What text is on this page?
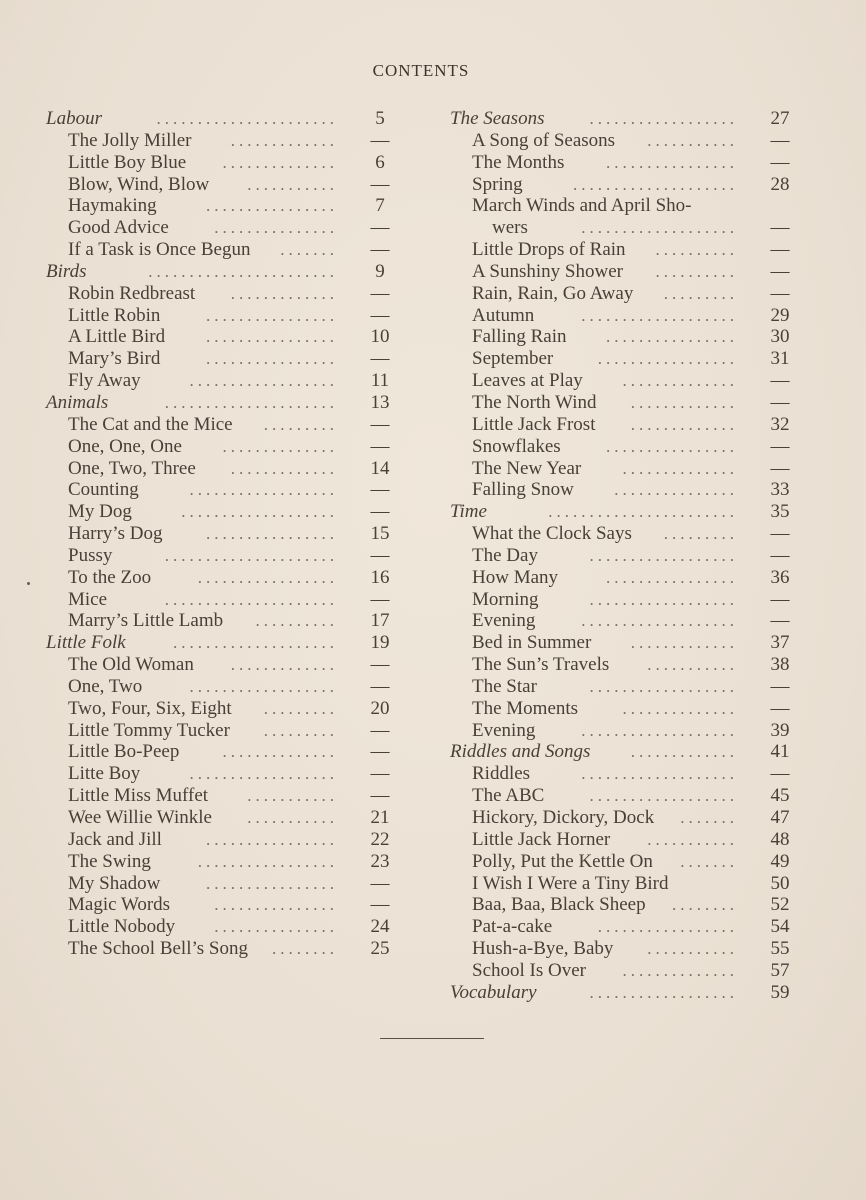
CONTENTS
Labour	5
......................
The Jolly Miller	—
.............
Little Boy Blue	6
..............
Blow, Wind, Blow	—
...........
Haymaking	7
................
Good Advice	—
...............
If a Task is Once Begun	—
.......
Birds	9
.......................
Robin Redbreast	—
.............
Little Robin	—
................
A Little Bird	10
................
Mary’s Bird	—
................
Fly Away	11
..................
Animals	13
.....................
The Cat and the Mice	—
.........
One, One, One	—
..............
One, Two, Three	14
.............
Counting	—
..................
My Dog	—
...................
Harry’s Dog	15
................
Pussy	—
.....................
To the Zoo	16
.................
Mice	—
.....................
Marry’s Little Lamb	17
..........
Little Folk	19
....................
The Old Woman	—
.............
One, Two	—
..................
Two, Four, Six, Eight	20
.........
Little Tommy Tucker	—
.........
Little Bo-Peep	—
..............
Litte Boy	—
..................
Little Miss Muffet	—
...........
Wee Willie Winkle	21
...........
Jack and Jill	22
................
The Swing	23
.................
My Shadow	—
................
Magic Words	—
...............
Little Nobody	24
...............
The School Bell’s Song	25
........
The Seasons	27
..................
A Song of Seasons	—
...........
The Months	—
................
Spring	28
....................
March Winds and April Sho-
wers	—
...................
Little Drops of Rain	—
..........
A Sunshiny Shower	—
..........
Rain, Rain, Go Away	—
.........
Autumn	29
...................
Falling Rain	30
................
September	31
.................
Leaves at Play	—
..............
The North Wind	—
.............
Little Jack Frost	32
.............
Snowflakes	—
................
The New Year	—
..............
Falling Snow	33
...............
Time	35
.......................
What the Clock Says	—
.........
The Day	—
..................
How Many	36
................
Morning	—
..................
Evening	—
...................
Bed in Summer	37
.............
The Sun’s Travels	38
...........
The Star	—
..................
The Moments	—
..............
Evening	39
...................
Riddles and Songs	41
.............
Riddles	—
...................
The ABC	45
..................
Hickory, Dickory, Dock	47
.......
Little Jack Horner	48
...........
Polly, Put the Kettle On	49
.......
I Wish I Were a Tiny Bird	50
Baa, Baa, Black Sheep	52
........
Pat-a-cake	54
.................
Hush-a-Bye, Baby	55
...........
School Is Over	57
..............
Vocabulary	59
..................
